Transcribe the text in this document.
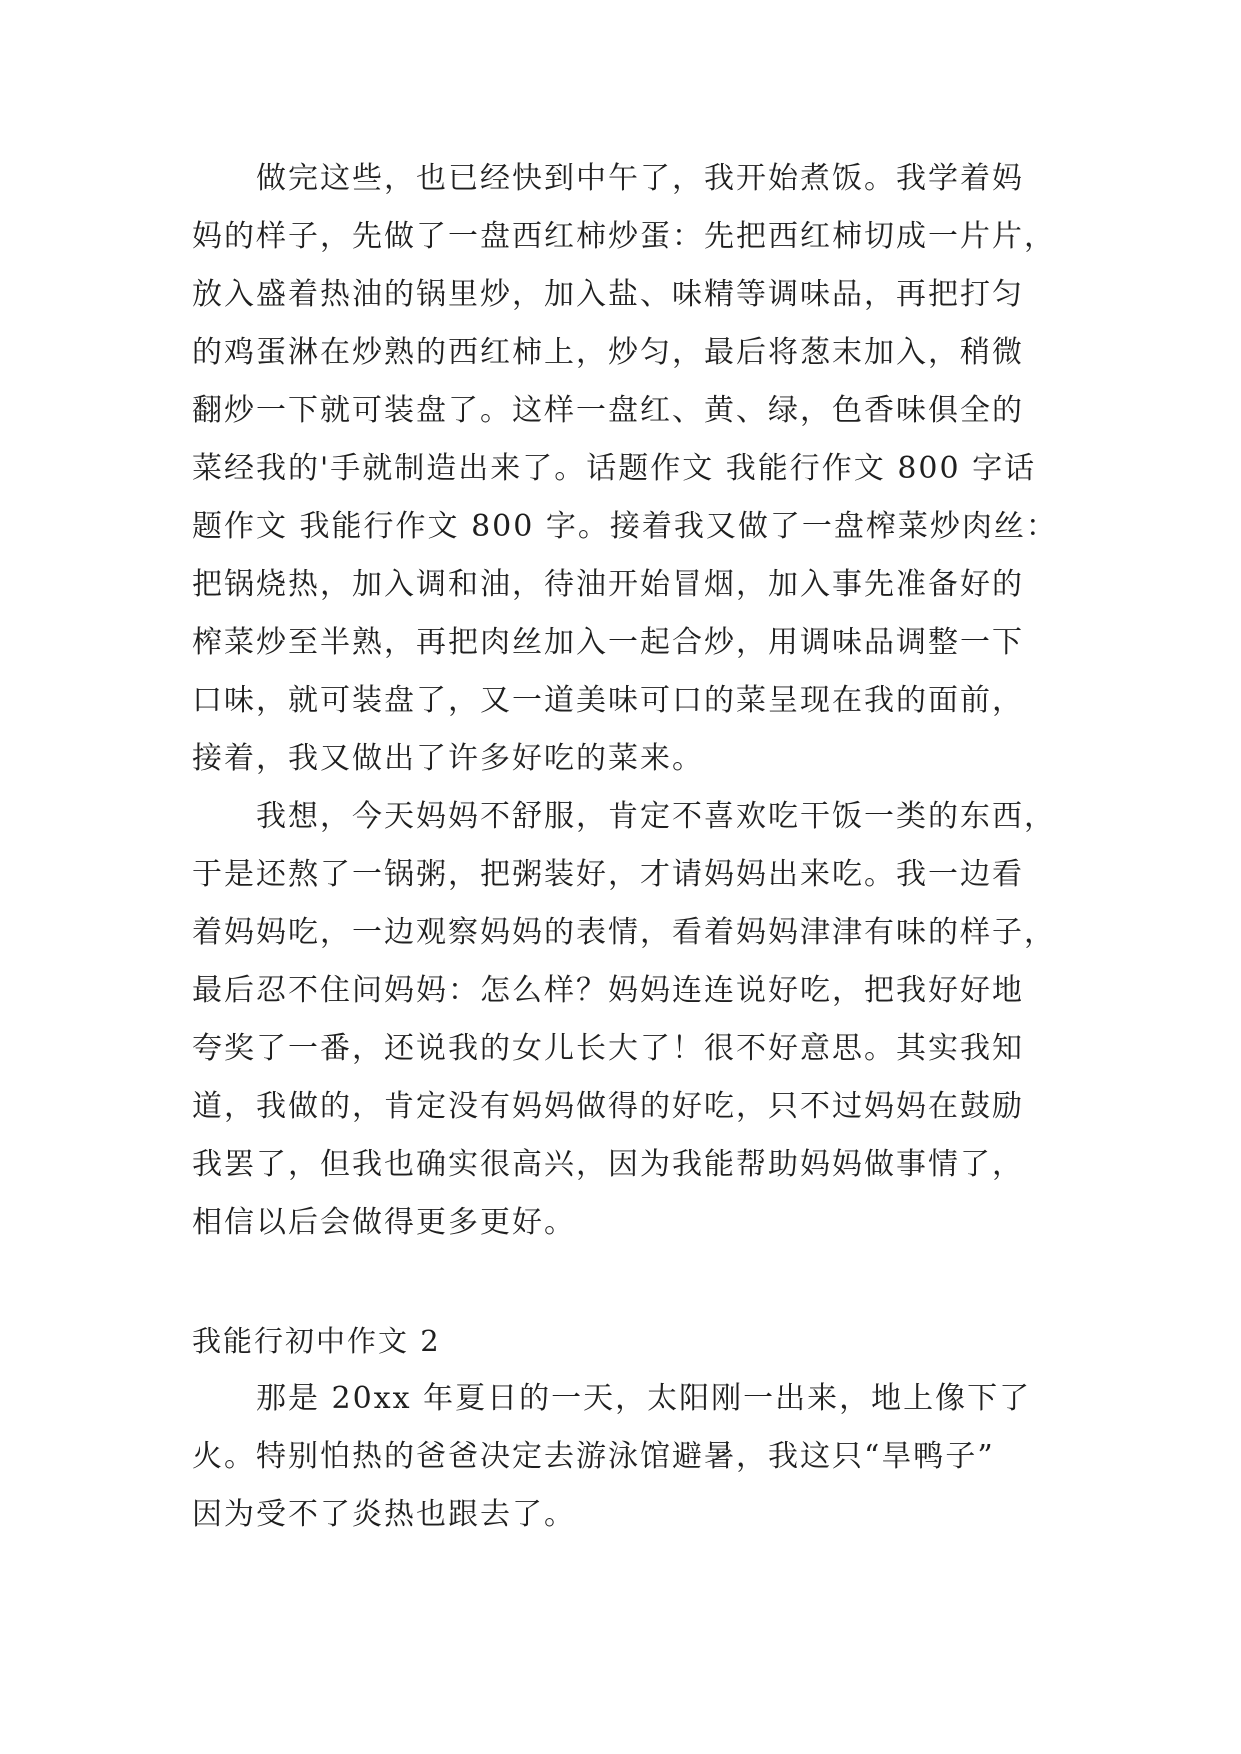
做完这些，也已经快到中午了，我开始煮饭。我学着妈
妈的样子，先做了一盘西红柿炒蛋：先把西红柿切成一片片，
放入盛着热油的锅里炒，加入盐、味精等调味品，再把打匀
的鸡蛋淋在炒熟的西红柿上，炒匀，最后将葱末加入，稍微
翻炒一下就可装盘了。这样一盘红、黄、绿，色香味俱全的
菜经我的'手就制造出来了。话题作文 我能行作文 800 字话
题作文 我能行作文 800 字。接着我又做了一盘榨菜炒肉丝：
把锅烧热，加入调和油，待油开始冒烟，加入事先准备好的
榨菜炒至半熟，再把肉丝加入一起合炒，用调味品调整一下
口味，就可装盘了，又一道美味可口的菜呈现在我的面前，
接着，我又做出了许多好吃的菜来。
我想，今天妈妈不舒服，肯定不喜欢吃干饭一类的东西，
于是还熬了一锅粥，把粥装好，才请妈妈出来吃。我一边看
着妈妈吃，一边观察妈妈的表情，看着妈妈津津有味的样子，
最后忍不住问妈妈：怎么样？妈妈连连说好吃，把我好好地
夸奖了一番，还说我的女儿长大了！很不好意思。其实我知
道，我做的，肯定没有妈妈做得的好吃，只不过妈妈在鼓励
我罢了，但我也确实很高兴，因为我能帮助妈妈做事情了，
相信以后会做得更多更好。
我能行初中作文 2
那是 20xx 年夏日的一天，太阳刚一出来，地上像下了
火。特别怕热的爸爸决定去游泳馆避暑，我这只“旱鸭子”
因为受不了炎热也跟去了。
